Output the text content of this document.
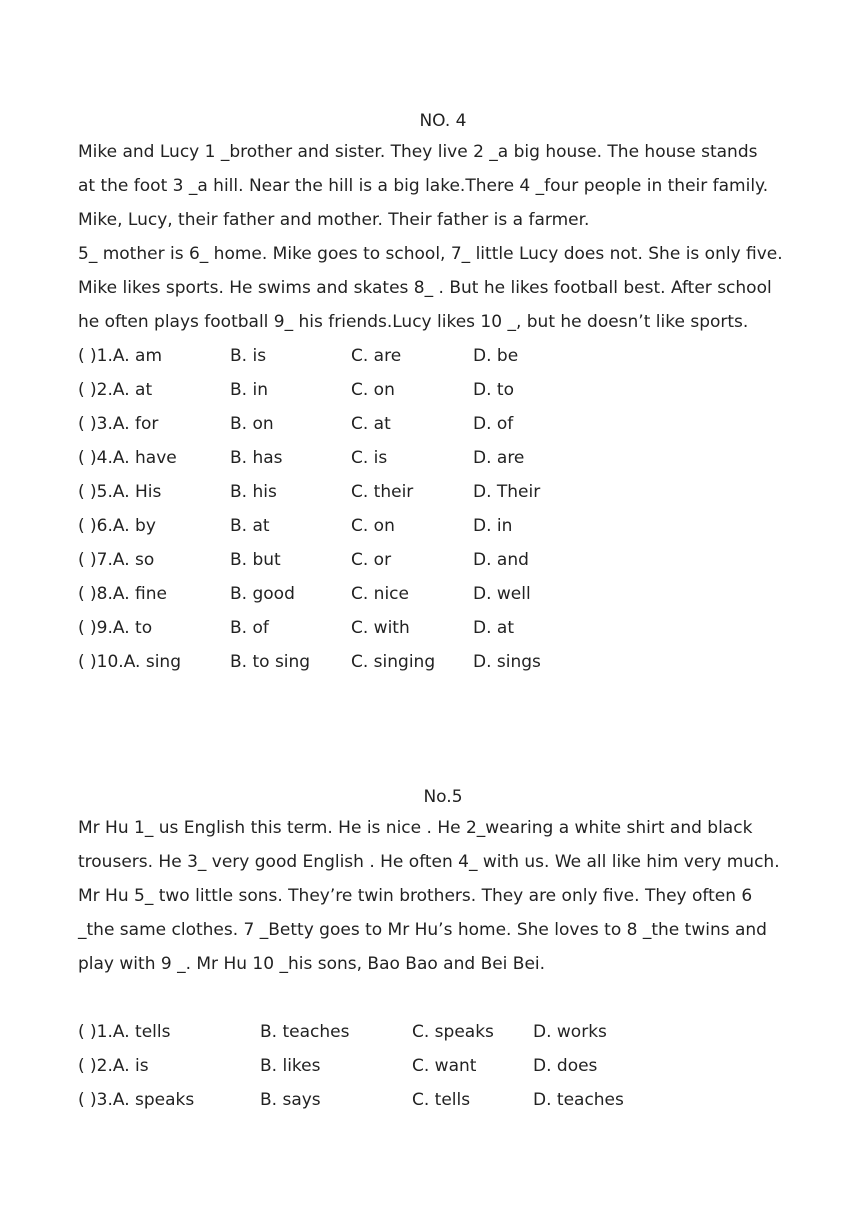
NO. 4
Mike and Lucy 1 _brother and sister. They live 2 _a big house. The house stands
at the foot 3 _a hill. Near the hill is a big lake.There 4 _four people in their family.
Mike, Lucy, their father and mother. Their father is a farmer.
5_ mother is 6_ home. Mike goes to school, 7_ little Lucy does not. She is only five.
Mike likes sports. He swims and skates 8_ . But he likes football best. After school
he often plays football 9_ his friends.Lucy likes 10 _, but he doesn’t like sports.
( )1.A. am	B. is	C. are	D. be
( )2.A. at	B. in	C. on	D. to
( )3.A. for	B. on	C. at	D. of
( )4.A. have	B. has	C. is	D. are
( )5.A. His	B. his	C. their	D. Their
( )6.A. by	B. at	C. on	D. in
( )7.A. so	B. but	C. or	D. and
( )8.A. fine	B. good	C. nice	D. well
( )9.A. to	B. of	C. with	D. at
( )10.A. sing	B. to sing C. singing D. sings
No.5
Mr Hu 1_ us English this term. He is nice . He 2_wearing a white shirt and black
trousers. He 3_ very good English . He often 4_ with us. We all like him very much.
Mr Hu 5_ two little sons. They’re twin brothers. They are only five. They often 6
_the same clothes. 7 _Betty goes to Mr Hu’s home. She loves to 8 _the twins and
play with 9 _. Mr Hu 10 _his sons, Bao Bao and Bei Bei.
( )1.A. tells	B. teaches	C. speaks D. works
( )2.A. is	B. likes	C. want	D. does
( )3.A. speaks	B. says	C. tells	D. teaches
